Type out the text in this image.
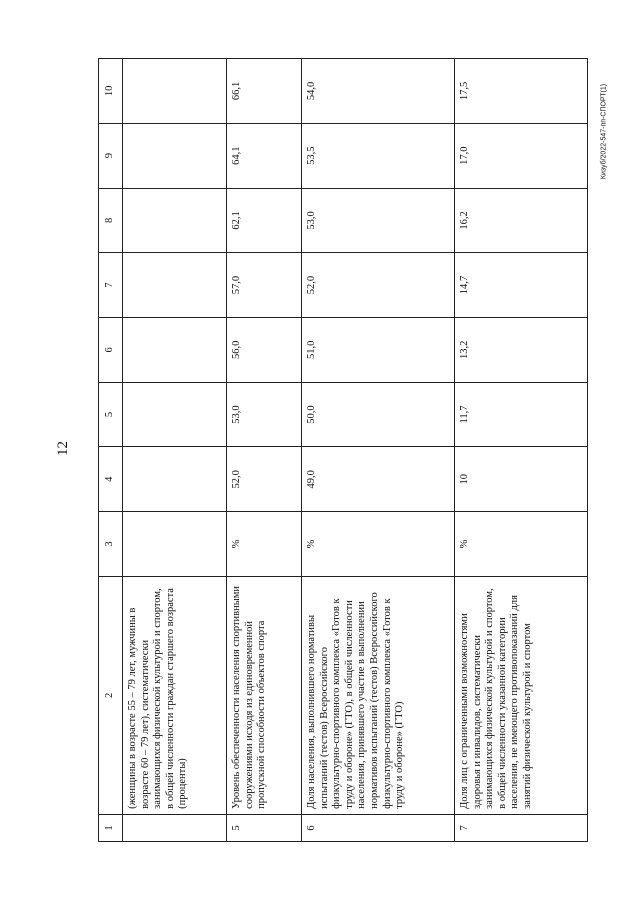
12
Кизуб/2022-547-пп-СПОРТ(1)
1	2	3	4	5	6	7	8	9	10
	(женщины в возрасте 55 – 79 лет, мужчины в возрасте 60 – 79 лет), систематически занимающихся физической культурой и спортом, в общей численности граждан старшего возраста (проценты)								
5	Уровень обеспеченности населения спортивными сооружениями исходя из единовременной пропускной способности объектов спорта	%	52,0	53,0	56,0	57,0	62,1	64,1	66,1
6	Доля населения, выполнившего нормативы испытаний (тестов) Всероссийского физкультурно-спортивного комплекса «Готов к труду и обороне» (ГТО), в общей численности населения, принявшего участие в выполнении нормативов испытаний (тестов) Всероссийского физкультурно-спортивного комплекса «Готов к труду и обороне» (ГТО)	%	49,0	50,0	51,0	52,0	53,0	53,5	54,0
7	Доля лиц с ограниченными возможностями здоровья и инвалидов, систематически занимающихся физической культурой и спортом, в общей численности указанной категории населения, не имеющего противопоказаний для занятий физической культурой и спортом	%	10	11,7	13,2	14,7	16,2	17,0	17,5
